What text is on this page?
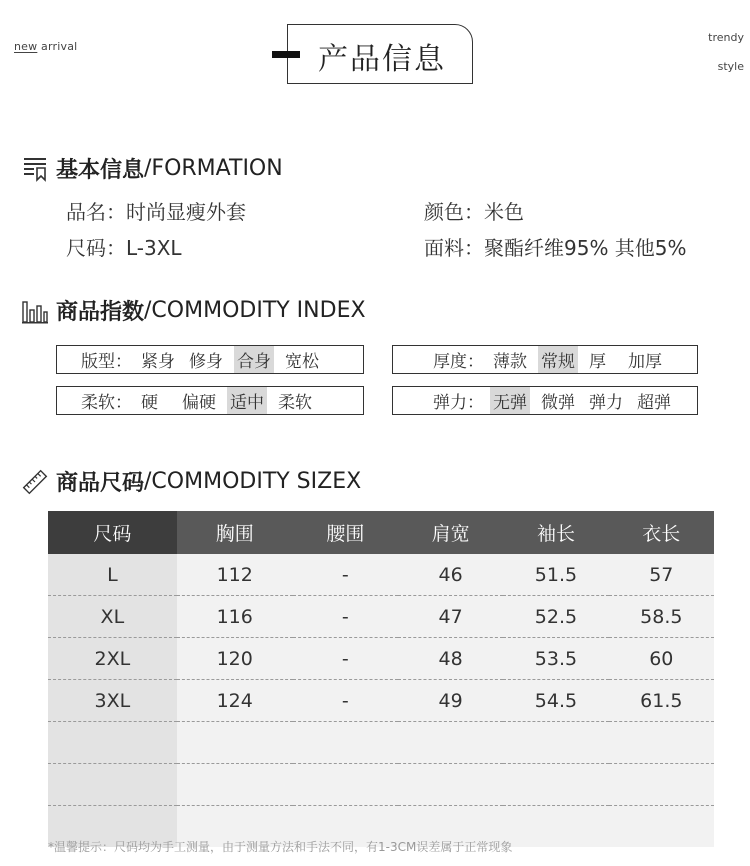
new arrival
trendy
style
产品信息
基本信息 /FORMATION
品名：时尚显瘦外套	颜色：米色
尺码：L-3XL	面料：聚酯纤维95% 其他5%
商品指数 /COMMODITY INDEX
版型： 紧身 修身 合身 宽松	厚度： 薄款 常规 厚 加厚
柔软： 硬 偏硬 适中 柔软	弹力： 无弹 微弹 弹力 超弹
商品尺码 /COMMODITY SIZEX
尺码	胸围	腰围	肩宽	袖长	衣长
L	112	-	46	51.5	57
XL	116	-	47	52.5	58.5
2XL	120	-	48	53.5	60
3XL	124	-	49	54.5	61.5

*温馨提示：尺码均为手工测量，由于测量方法和手法不同，有1-3CM误差属于正常现象
